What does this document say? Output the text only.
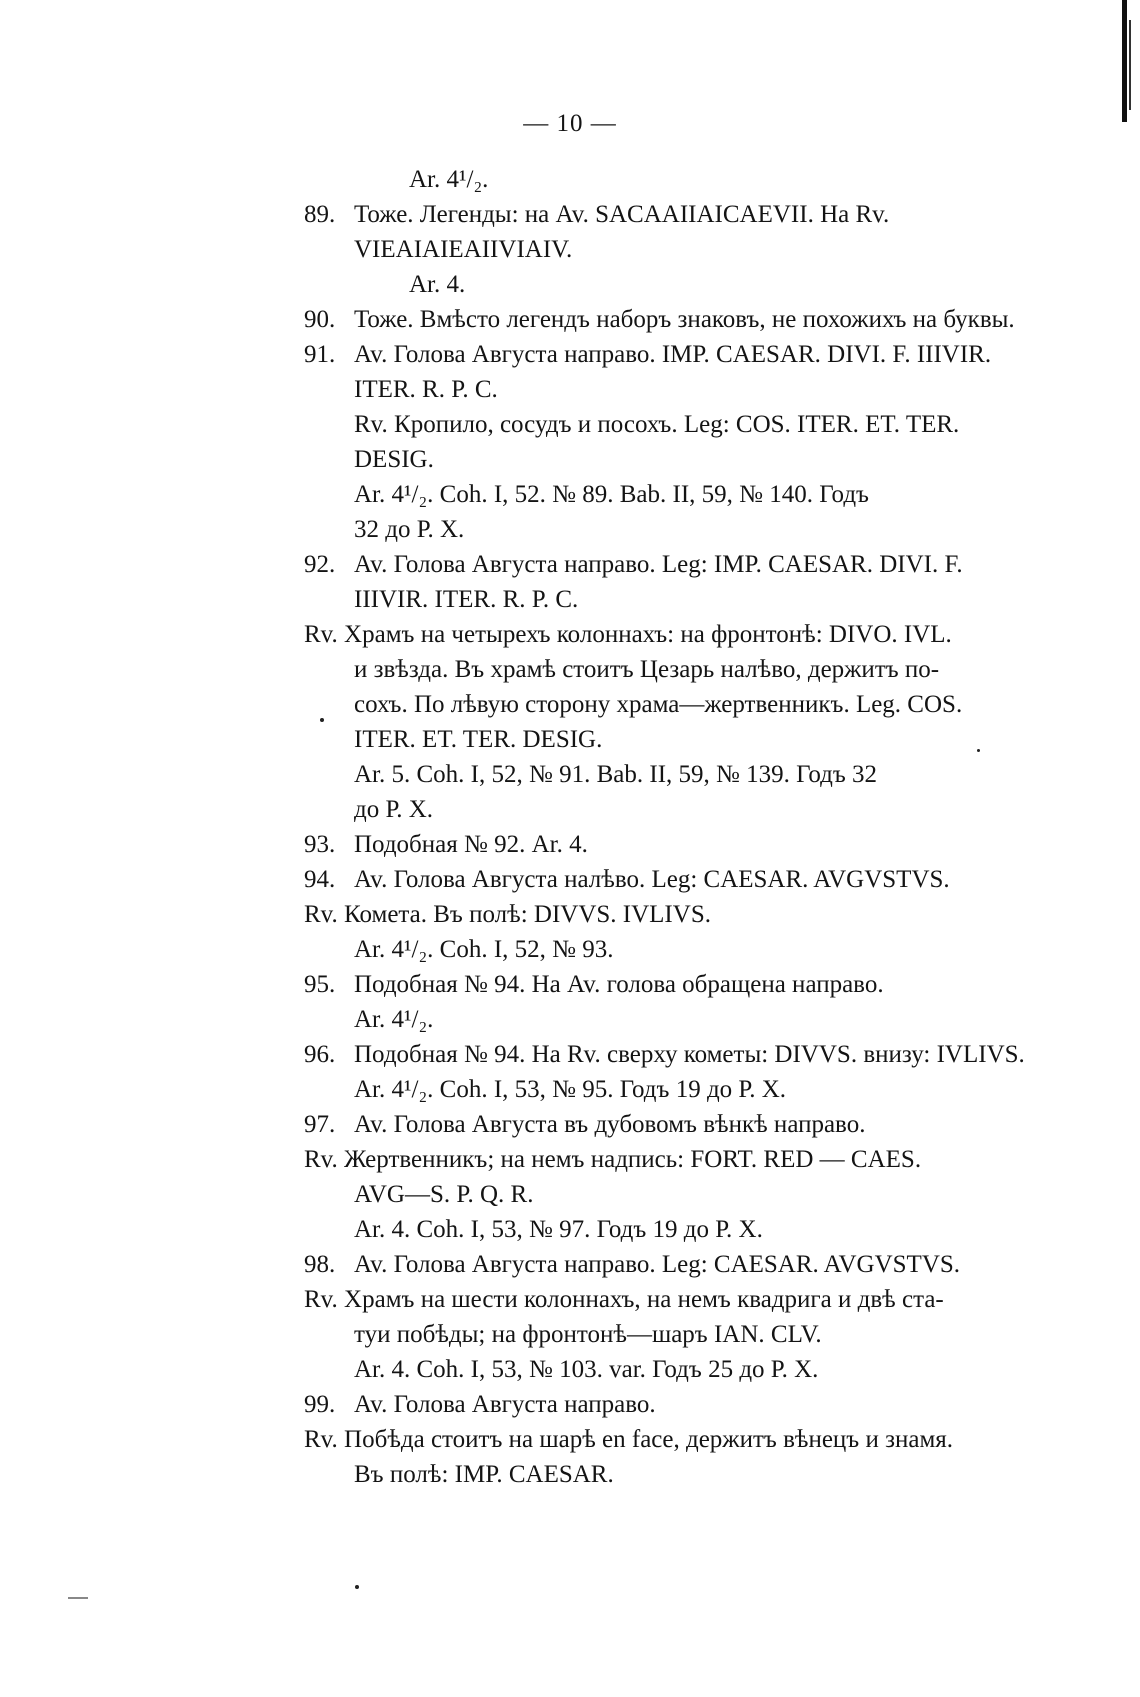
— 10 —
Ar. 4¹/₂.
89. Тоже. Легенды: на Av. SACAAIIAICAEVII. На Rv.
VIEAIAIEAIIVIAIV.
Ar. 4.
90. Тоже. Вмѣсто легендъ наборъ знаковъ, не похожихъ на буквы.
91. Av. Голова Августа направо. IMP. CAESAR. DIVI. F. IIIVIR.
ITER. R. P. C.
Rv. Кропило, сосудъ и посохъ. Leg: COS. ITER. ET. TER.
DESIG.
Ar. 4¹/₂. Coh. I, 52. № 89. Bab. II, 59, № 140. Годъ
32 до Р. Х.
92. Av. Голова Августа направо. Leg: IMP. CAESAR. DIVI. F.
IIIVIR. ITER. R. P. C.
Rv. Храмъ на четырехъ колоннахъ: на фронтонѣ: DIVO. IVL.
и звѣзда. Въ храмѣ стоитъ Цезарь налѣво, держитъ по-
сохъ. По лѣвую сторону храма—жертвенникъ. Leg. COS.
ITER. ET. TER. DESIG.
Ar. 5. Coh. I, 52, № 91. Bab. II, 59, № 139. Годъ 32
до Р. Х.
93. Подобная № 92. Ar. 4.
94. Av. Голова Августа налѣво. Leg: CAESAR. AVGVSTVS.
Rv. Комета. Въ полѣ: DIVVS. IVLIVS.
Ar. 4¹/₂. Coh. I, 52, № 93.
95. Подобная № 94. На Av. голова обращена направо.
Ar. 4¹/₂.
96. Подобная № 94. На Rv. сверху кометы: DIVVS. внизу: IVLIVS.
Ar. 4¹/₂. Coh. I, 53, № 95. Годъ 19 до Р. Х.
97. Av. Голова Августа въ дубовомъ вѣнкѣ направо.
Rv. Жертвенникъ; на немъ надпись: FORT. RED — CAES.
AVG—S. P. Q. R.
Ar. 4. Coh. I, 53, № 97. Годъ 19 до Р. Х.
98. Av. Голова Августа направо. Leg: CAESAR. AVGVSTVS.
Rv. Храмъ на шести колоннахъ, на немъ квадрига и двѣ ста-
туи побѣды; на фронтонѣ—шаръ IAN. CLV.
Ar. 4. Coh. I, 53, № 103. var. Годъ 25 до Р. Х.
99. Av. Голова Августа направо.
Rv. Побѣда стоитъ на шарѣ en face, держитъ вѣнецъ и знамя.
Въ полѣ: IMP. CAESAR.
